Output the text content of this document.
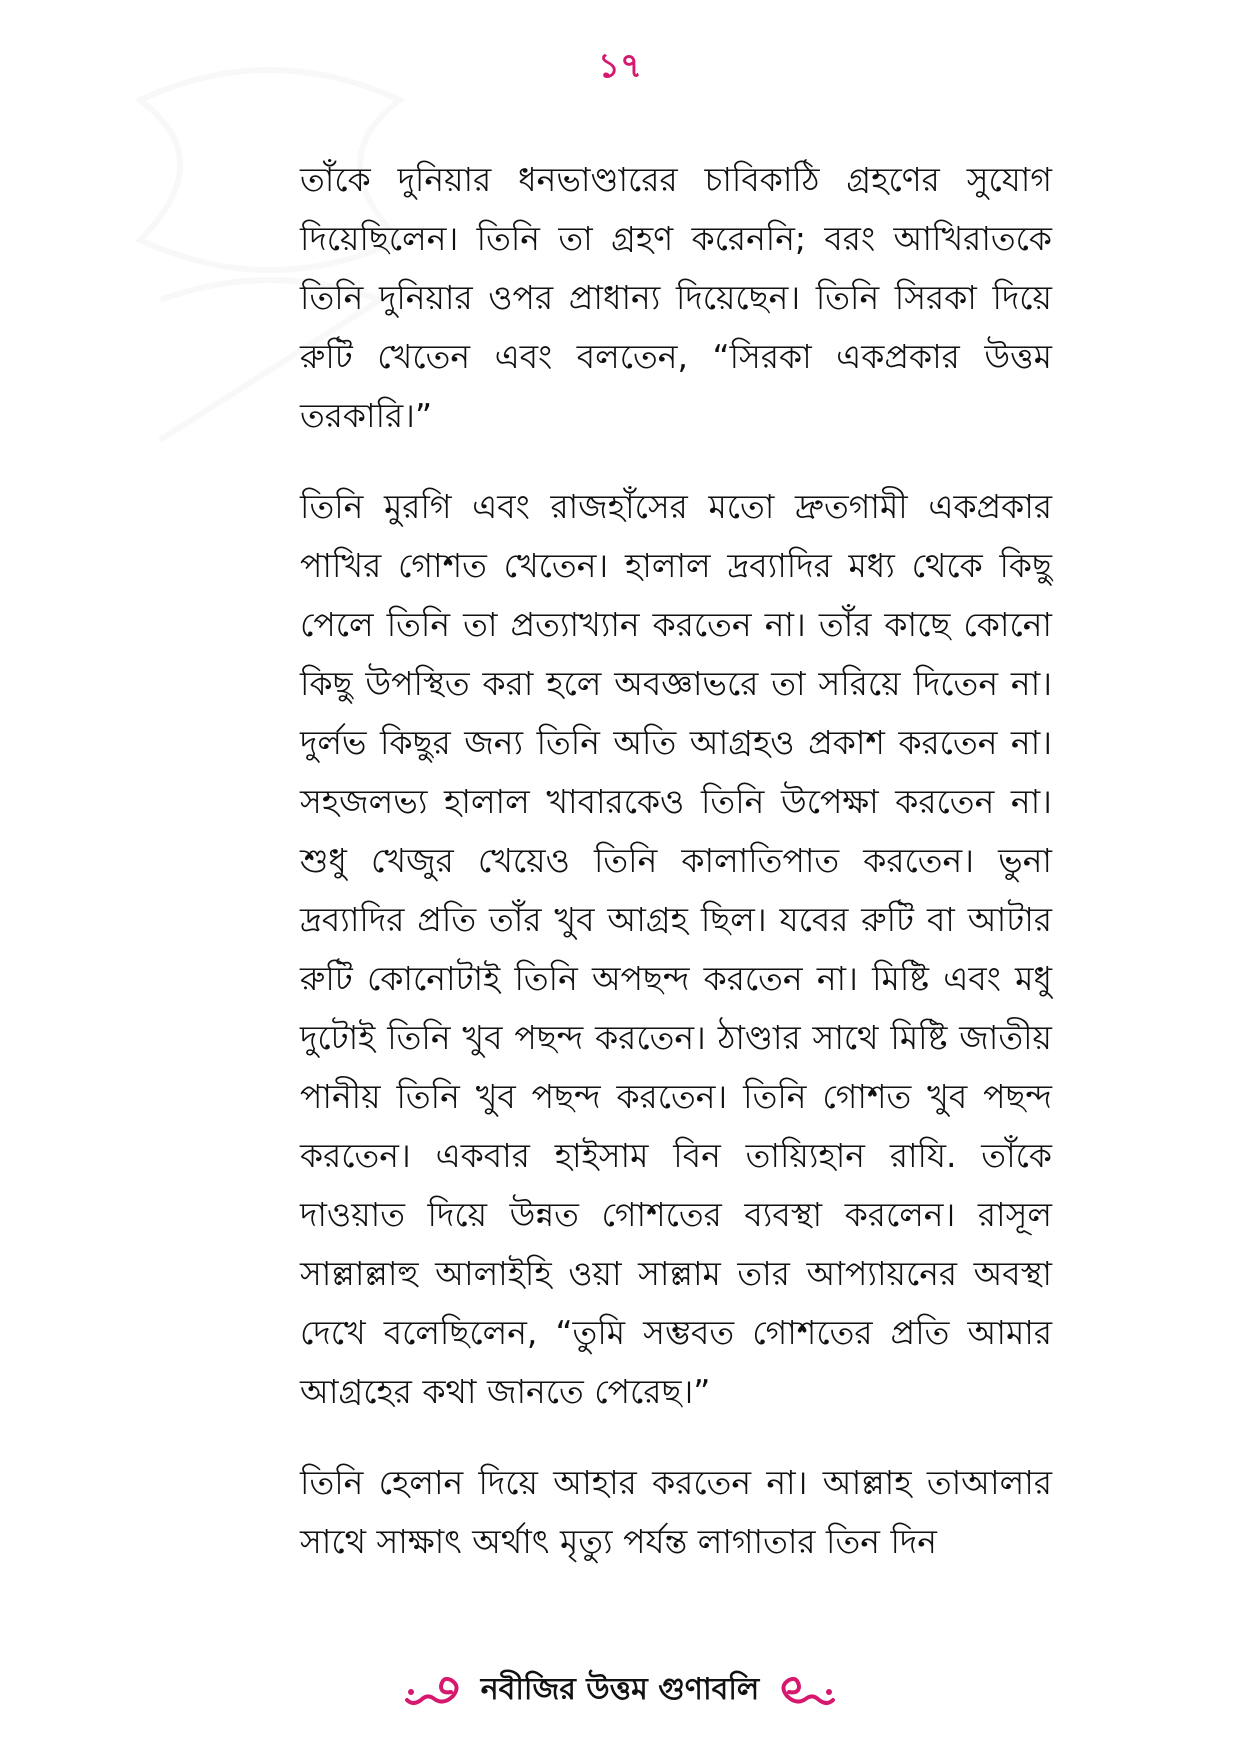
১৭

তাঁকে দুনিয়ার ধনভাণ্ডারের চাবিকাঠি গ্রহণের সুযোগ দিয়েছিলেন। তিনি তা গ্রহণ করেননি; বরং আখিরাতকে তিনি দুনিয়ার ওপর প্রাধান্য দিয়েছেন। তিনি সিরকা দিয়ে রুটি খেতেন এবং বলতেন, “সিরকা একপ্রকার উত্তম তরকারি।”

তিনি মুরগি এবং রাজহাঁসের মতো দ্রুতগামী একপ্রকার পাখির গোশত খেতেন। হালাল দ্রব্যাদির মধ্য থেকে কিছু পেলে তিনি তা প্রত্যাখ্যান করতেন না। তাঁর কাছে কোনো কিছু উপস্থিত করা হলে অবজ্ঞাভরে তা সরিয়ে দিতেন না। দুর্লভ কিছুর জন্য তিনি অতি আগ্রহও প্রকাশ করতেন না। সহজলভ্য হালাল খাবারকেও তিনি উপেক্ষা করতেন না। শুধু খেজুর খেয়েও তিনি কালাতিপাত করতেন। ভুনা দ্রব্যাদির প্রতি তাঁর খুব আগ্রহ ছিল। যবের রুটি বা আটার রুটি কোনোটাই তিনি অপছন্দ করতেন না। মিষ্টি এবং মধু দুটোই তিনি খুব পছন্দ করতেন। ঠাণ্ডার সাথে মিষ্টি জাতীয় পানীয় তিনি খুব পছন্দ করতেন। তিনি গোশত খুব পছন্দ করতেন। একবার হাইসাম বিন তায়্যিহান রাযি. তাঁকে দাওয়াত দিয়ে উন্নত গোশতের ব্যবস্থা করলেন। রাসূল সাল্লাল্লাহু আলাইহি ওয়া সাল্লাম তার আপ্যায়নের অবস্থা দেখে বলেছিলেন, “তুমি সম্ভবত গোশতের প্রতি আমার আগ্রহের কথা জানতে পেরেছ।”

তিনি হেলান দিয়ে আহার করতেন না। আল্লাহ তাআলার সাথে সাক্ষাৎ অর্থাৎ মৃত্যু পর্যন্ত লাগাতার তিন দিন

নবীজির উত্তম গুণাবলি
